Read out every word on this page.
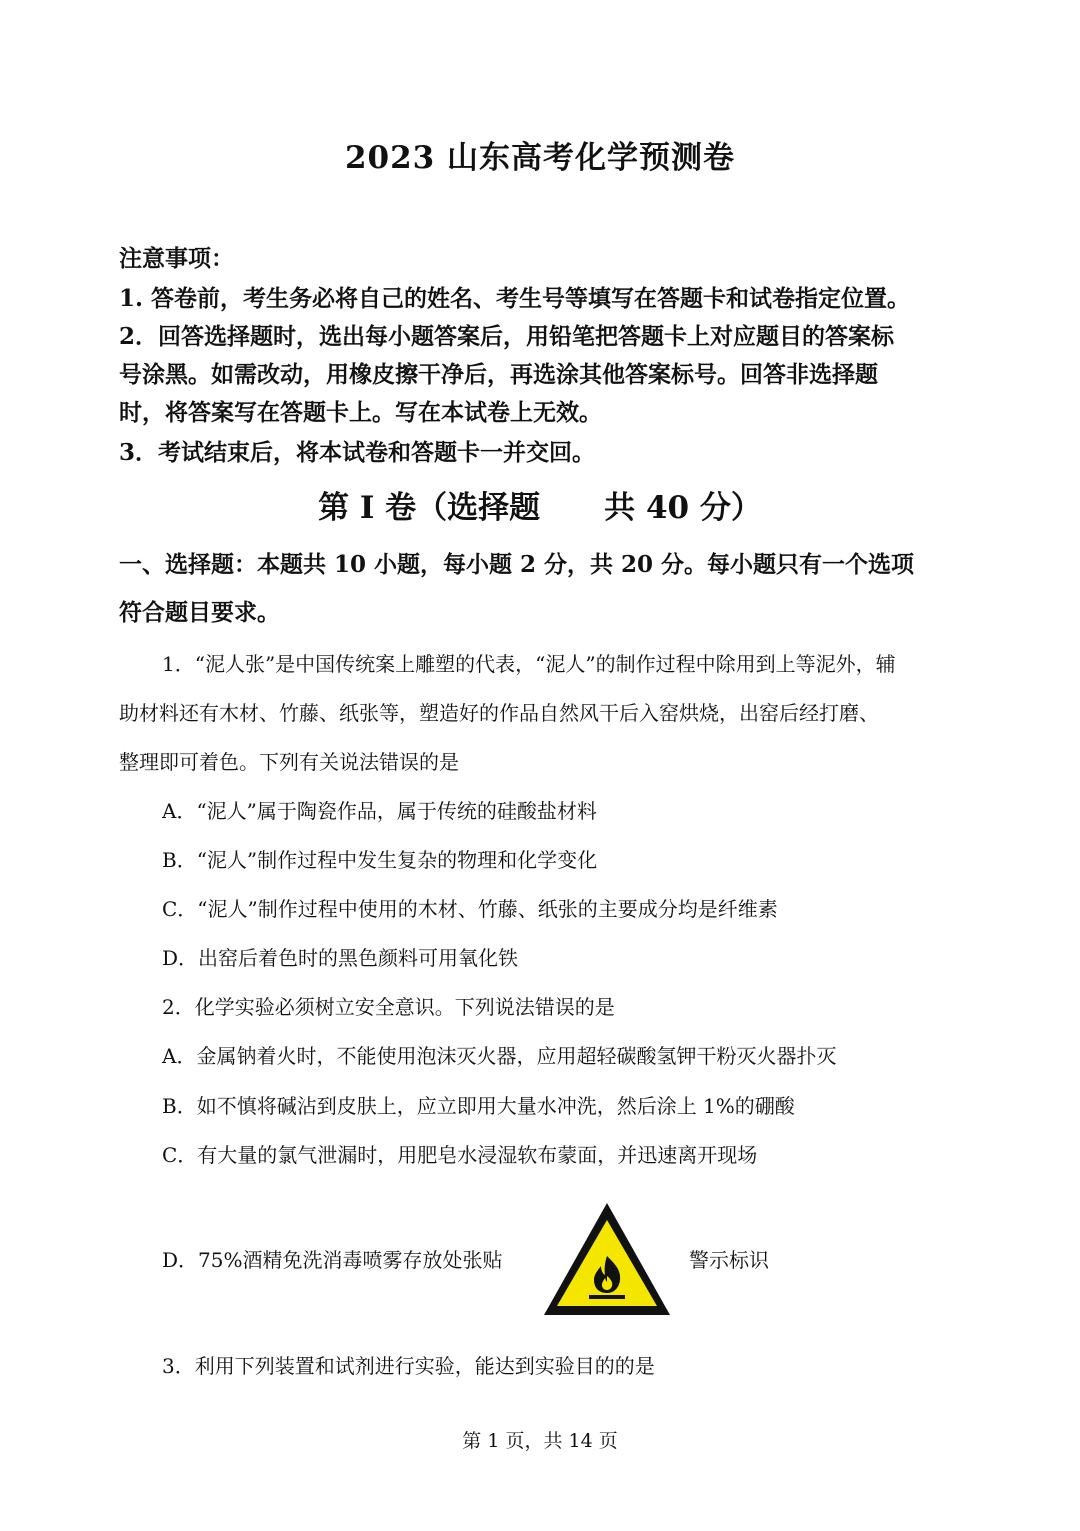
2023 山东高考化学预测卷
注意事项：
1. 答卷前，考生务必将自己的姓名、考生号等填写在答题卡和试卷指定位置。
2．回答选择题时，选出每小题答案后，用铅笔把答题卡上对应题目的答案标
号涂黑。如需改动，用橡皮擦干净后，再选涂其他答案标号。回答非选择题
时，将答案写在答题卡上。写在本试卷上无效。
3．考试结束后，将本试卷和答题卡一并交回。
第 I 卷（选择题 共 40 分）
一、选择题：本题共 10 小题，每小题 2 分，共 20 分。每小题只有一个选项
符合题目要求。
1．“泥人张”是中国传统案上雕塑的代表，“泥人”的制作过程中除用到上等泥外，辅
助材料还有木材、竹藤、纸张等，塑造好的作品自然风干后入窑烘烧，出窑后经打磨、
整理即可着色。下列有关说法错误的是
A．“泥人”属于陶瓷作品，属于传统的硅酸盐材料
B．“泥人”制作过程中发生复杂的物理和化学变化
C．“泥人”制作过程中使用的木材、竹藤、纸张的主要成分均是纤维素
D．出窑后着色时的黑色颜料可用氧化铁
2．化学实验必须树立安全意识。下列说法错误的是
A．金属钠着火时，不能使用泡沫灭火器，应用超轻碳酸氢钾干粉灭火器扑灭
B．如不慎将碱沾到皮肤上，应立即用大量水冲洗，然后涂上 1%的硼酸
C．有大量的氯气泄漏时，用肥皂水浸湿软布蒙面，并迅速离开现场
D．75%酒精免洗消毒喷雾存放处张贴	警示标识
3．利用下列装置和试剂进行实验，能达到实验目的的是
第 1 页，共 14 页
